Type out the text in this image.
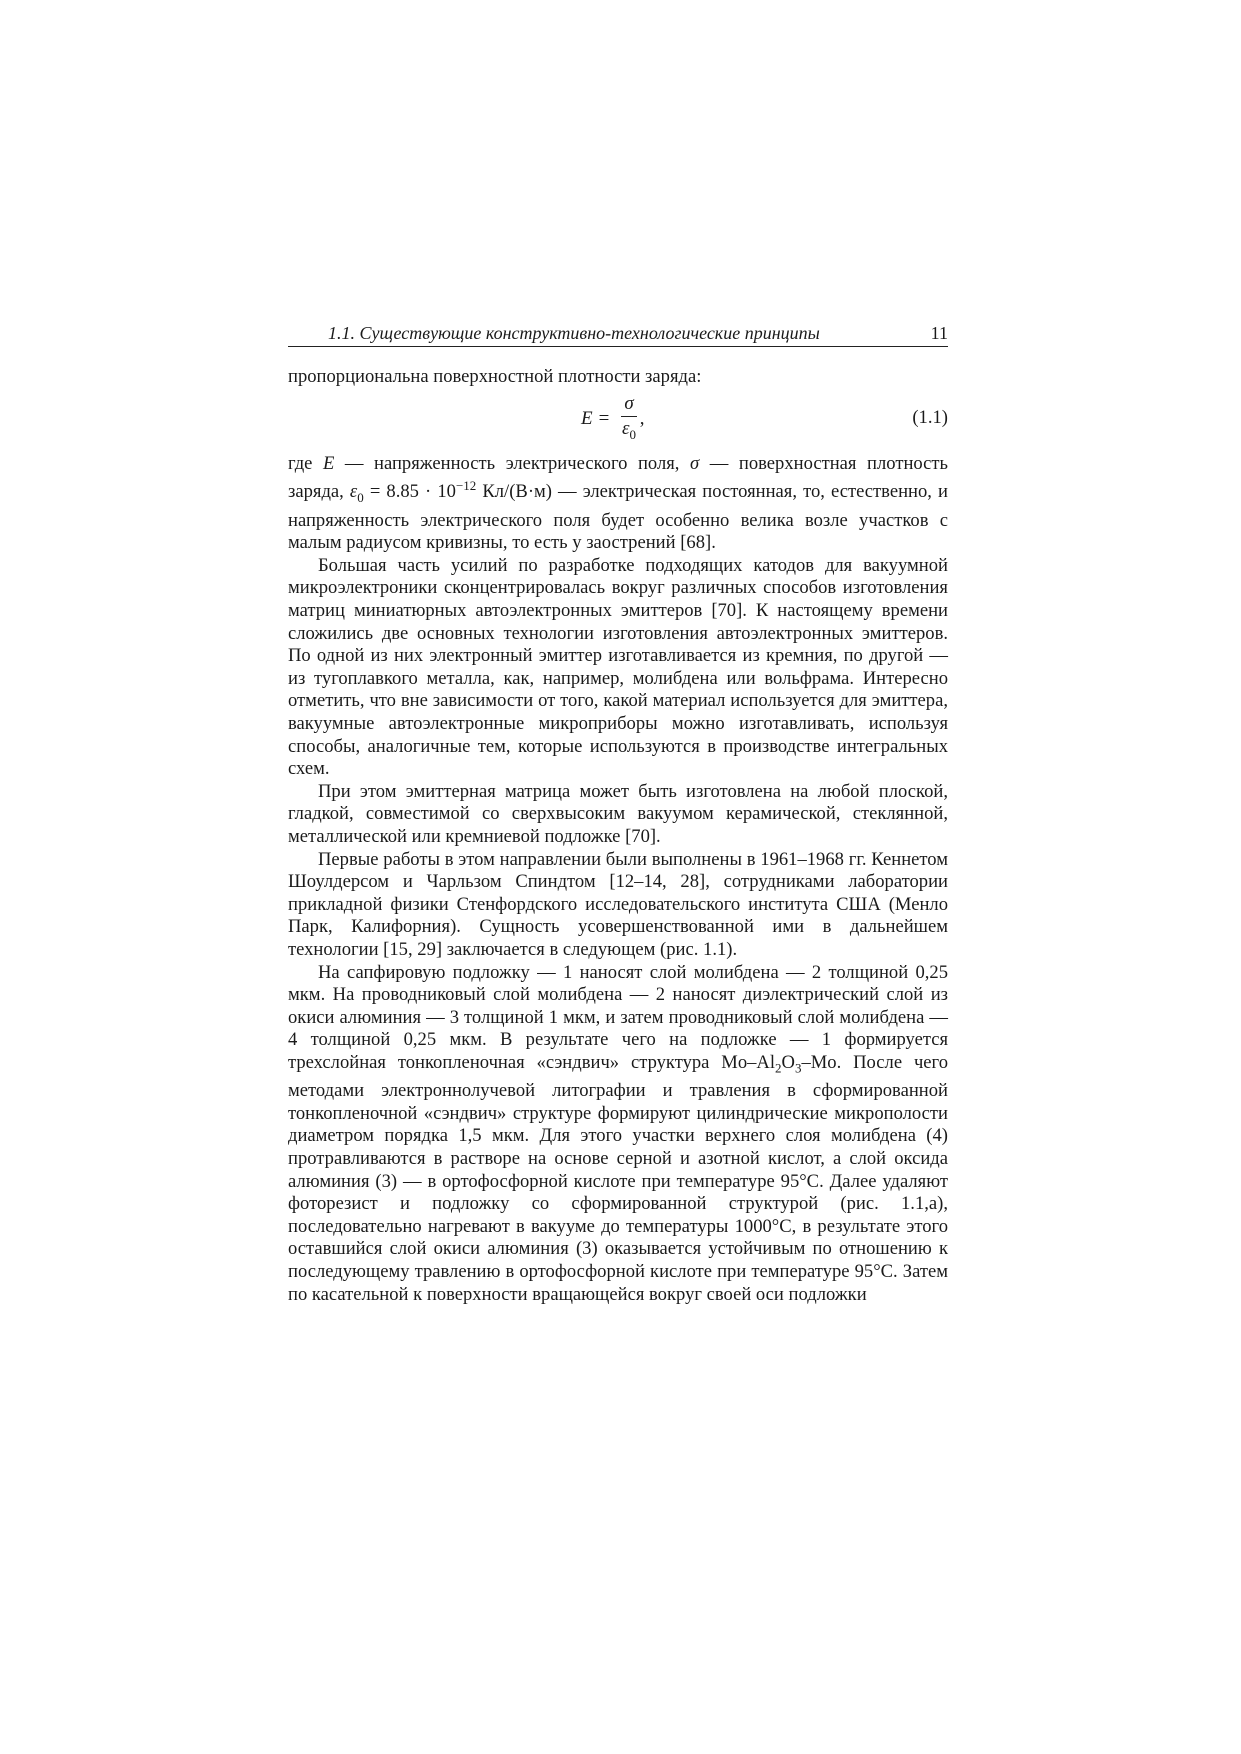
1.1. Существующие конструктивно-технологические принципы	11

пропорциональна поверхностной плотности заряда:

$E = \frac{\sigma}{\varepsilon_0}$ ,	(1.1)

где E — напряженность электрического поля, σ — поверхностная плотность заряда, $\varepsilon_0 = 8.85 \cdot 10^{-12}$ Кл/(В·м) — электрическая постоянная, то, естественно, и напряженность электрического поля будет особенно велика возле участков с малым радиусом кривизны, то есть у заострений [68].

Большая часть усилий по разработке подходящих катодов для вакуумной микроэлектроники сконцентрировалась вокруг различных способов изготовления матриц миниатюрных автоэлектронных эмиттеров [70]. К настоящему времени сложились две основных технологии изготовления автоэлектронных эмиттеров. По одной из них электронный эмиттер изготавливается из кремния, по другой — из тугоплавкого металла, как, например, молибдена или вольфрама. Интересно отметить, что вне зависимости от того, какой материал используется для эмиттера, вакуумные автоэлектронные микроприборы можно изготавливать, используя способы, аналогичные тем, которые используются в производстве интегральных схем.

При этом эмиттерная матрица может быть изготовлена на любой плоской, гладкой, совместимой со сверхвысоким вакуумом керамической, стеклянной, металлической или кремниевой подложке [70].

Первые работы в этом направлении были выполнены в 1961–1968 гг. Кеннетом Шоулдерсом и Чарльзом Спиндтом [12–14, 28], сотрудниками лаборатории прикладной физики Стенфордского исследовательского института США (Менло Парк, Калифорния). Сущность усовершенствованной ими в дальнейшем технологии [15, 29] заключается в следующем (рис. 1.1).

На сапфировую подложку — 1 наносят слой молибдена — 2 толщиной 0,25 мкм. На проводниковый слой молибдена — 2 наносят диэлектрический слой из окиси алюминия — 3 толщиной 1 мкм, и затем проводниковый слой молибдена — 4 толщиной 0,25 мкм. В результате чего на подложке — 1 формируется трехслойная тонкопленочная «сэндвич» структура $Mo-Al_2O_3-Mo$. После чего методами электроннолучевой литографии и травления в сформированной тонкопленочной «сэндвич» структуре формируют цилиндрические микрополости диаметром порядка 1,5 мкм. Для этого участки верхнего слоя молибдена (4) протравливаются в растворе на основе серной и азотной кислот, а слой оксида алюминия (3) — в ортофосфорной кислоте при температуре 95°C. Далее удаляют фоторезист и подложку со сформированной структурой (рис. 1.1,а), последовательно нагревают в вакууме до температуры 1000°C, в результате этого оставшийся слой окиси алюминия (3) оказывается устойчивым по отношению к последующему травлению в ортофосфорной кислоте при температуре 95°C. Затем по касательной к поверхности вращающейся вокруг своей оси подложки
